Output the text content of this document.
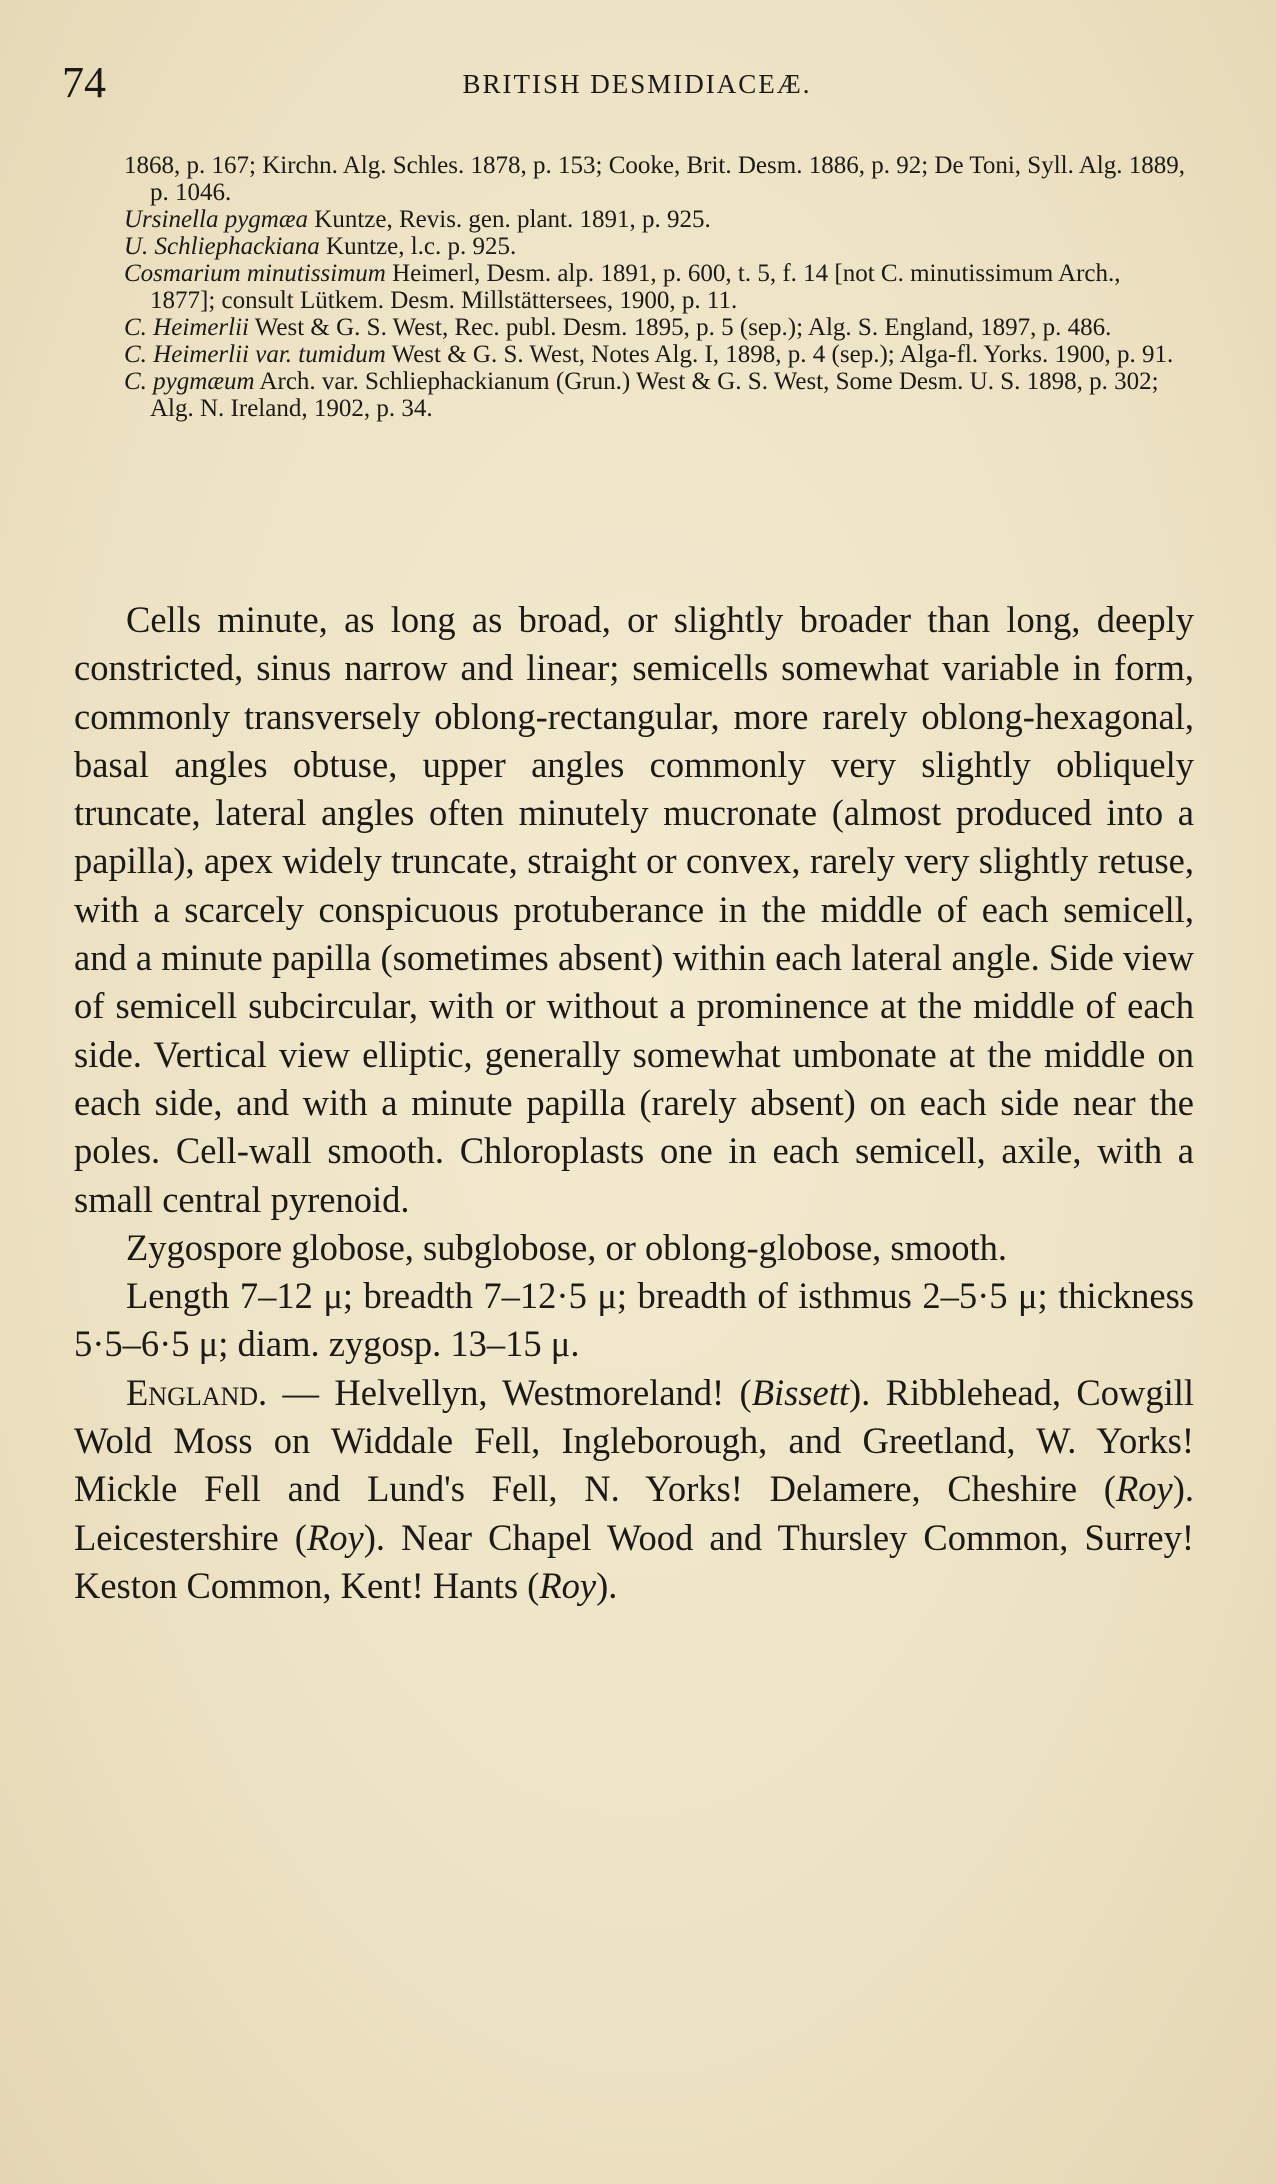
74	BRITISH DESMIDIACEÆ.

1868, p. 167; Kirchn. Alg. Schles. 1878, p. 153; Cooke, Brit. Desm. 1886, p. 92; De Toni, Syll. Alg. 1889, p. 1046.

Ursinella pygmæa Kuntze, Revis. gen. plant. 1891, p. 925.

U. Schliephackiana Kuntze, l.c. p. 925.

Cosmarium minutissimum Heimerl, Desm. alp. 1891, p. 600, t. 5, f. 14 [not C. minutissimum Arch., 1877]; consult Lütkem. Desm. Millstättersees, 1900, p. 11.

C. Heimerlii West & G. S. West, Rec. publ. Desm. 1895, p. 5 (sep.); Alg. S. England, 1897, p. 486.

C. Heimerlii var. tumidum West & G. S. West, Notes Alg. I, 1898, p. 4 (sep.); Alga-fl. Yorks. 1900, p. 91.

C. pygmæum Arch. var. Schliephackianum (Grun.) West & G. S. West, Some Desm. U. S. 1898, p. 302; Alg. N. Ireland, 1902, p. 34.

Cells minute, as long as broad, or slightly broader than long, deeply constricted, sinus narrow and linear; semicells somewhat variable in form, commonly transversely oblong-rectangular, more rarely oblong-hexagonal, basal angles obtuse, upper angles commonly very slightly obliquely truncate, lateral angles often minutely mucronate (almost produced into a papilla), apex widely truncate, straight or convex, rarely very slightly retuse, with a scarcely conspicuous protuberance in the middle of each semicell, and a minute papilla (sometimes absent) within each lateral angle. Side view of semicell subcircular, with or without a prominence at the middle of each side. Vertical view elliptic, generally somewhat umbonate at the middle on each side, and with a minute papilla (rarely absent) on each side near the poles. Cell-wall smooth. Chloroplasts one in each semicell, axile, with a small central pyrenoid.

Zygospore globose, subglobose, or oblong-globose, smooth.

Length 7–12 μ; breadth 7–12·5 μ; breadth of isthmus 2–5·5 μ; thickness 5·5–6·5 μ; diam. zygosp. 13–15 μ.

England. — Helvellyn, Westmoreland! (Bissett). Ribblehead, Cowgill Wold Moss on Widdale Fell, Ingleborough, and Greetland, W. Yorks! Mickle Fell and Lund's Fell, N. Yorks! Delamere, Cheshire (Roy). Leicestershire (Roy). Near Chapel Wood and Thursley Common, Surrey! Keston Common, Kent! Hants (Roy).
